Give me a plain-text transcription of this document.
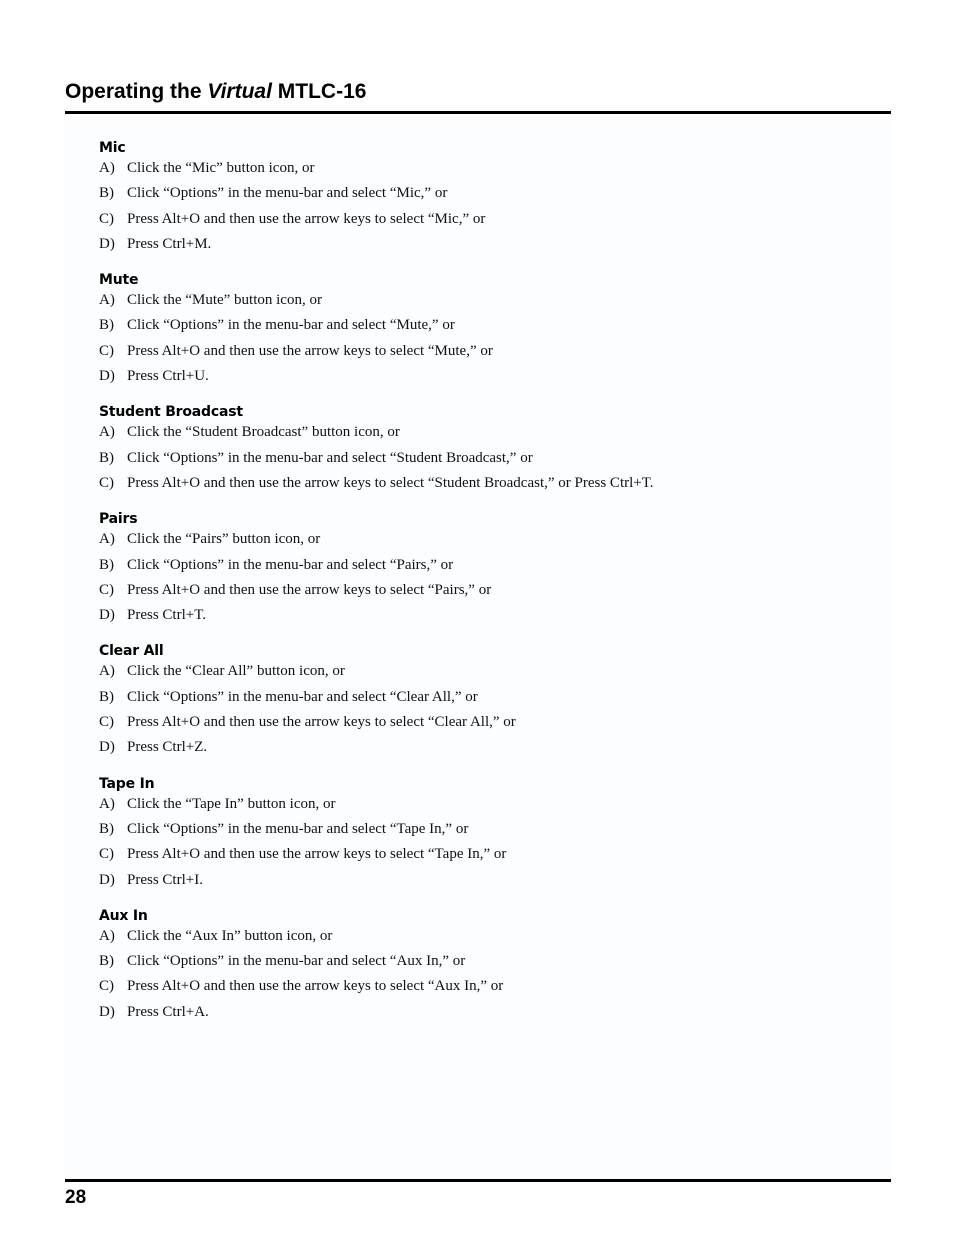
Operating the Virtual MTLC-16
Mic
A) Click the “Mic” button icon, or
B) Click “Options” in the menu-bar and select “Mic,” or
C) Press Alt+O and then use the arrow keys to select “Mic,” or
D) Press Ctrl+M.
Mute
A) Click the “Mute” button icon, or
B) Click “Options” in the menu-bar and select “Mute,” or
C) Press Alt+O and then use the arrow keys to select “Mute,” or
D) Press Ctrl+U.
Student Broadcast
A) Click the “Student Broadcast” button icon, or
B) Click “Options” in the menu-bar and select “Student Broadcast,” or
C) Press Alt+O and then use the arrow keys to select “Student Broadcast,” or Press Ctrl+T.
Pairs
A) Click the “Pairs” button icon, or
B) Click “Options” in the menu-bar and select “Pairs,” or
C) Press Alt+O and then use the arrow keys to select “Pairs,” or
D) Press Ctrl+T.
Clear All
A) Click the “Clear All” button icon, or
B) Click “Options” in the menu-bar and select “Clear All,” or
C) Press Alt+O and then use the arrow keys to select “Clear All,” or
D) Press Ctrl+Z.
Tape In
A) Click the “Tape In” button icon, or
B) Click “Options” in the menu-bar and select “Tape In,” or
C) Press Alt+O and then use the arrow keys to select “Tape In,” or
D) Press Ctrl+I.
Aux In
A) Click the “Aux In” button icon, or
B) Click “Options” in the menu-bar and select “Aux In,” or
C) Press Alt+O and then use the arrow keys to select “Aux In,” or
D) Press Ctrl+A.
28
